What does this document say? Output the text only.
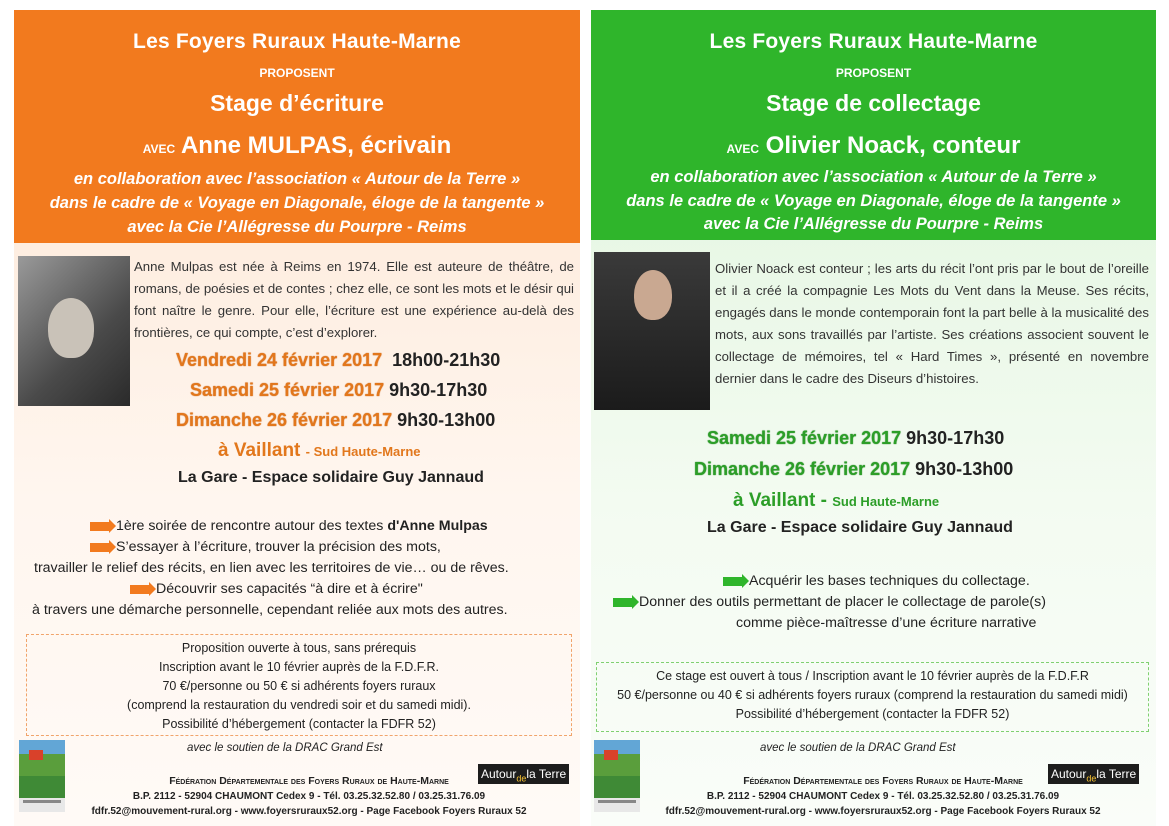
Les Foyers Ruraux Haute-Marne
PROPOSENT
Stage d’écriture
AVEC Anne MULPAS, écrivain
en collaboration avec l’association « Autour de la Terre »
dans le cadre de « Voyage en Diagonale, éloge de la tangente »
avec la Cie l’Allégresse du Pourpre - Reims
Anne Mulpas est née à Reims en 1974. Elle est auteure de théâtre, de romans, de poésies et de contes ; chez elle, ce sont les mots et le désir qui font naître le genre. Pour elle, l’écriture est une expérience au-delà des frontières, ce qui compte, c’est d’explorer.
Vendredi 24 février 2017 18h00-21h30
Samedi 25 février 2017 9h30-17h30
Dimanche 26 février 2017 9h30-13h00
à Vaillant - Sud Haute-Marne
La Gare - Espace solidaire Guy Jannaud
1ère soirée de rencontre autour des textes d'Anne Mulpas
S’essayer à l’écriture, trouver la précision des mots,
travailler le relief des récits, en lien avec les territoires de vie… ou de rêves.
Découvrir ses capacités “à dire et à écrire"
à travers une démarche personnelle, cependant reliée aux mots des autres.
Proposition ouverte à tous, sans prérequis
Inscription avant le 10 février auprès de la F.D.F.R.
70 €/personne ou 50 € si adhérents foyers ruraux
(comprend la restauration du vendredi soir et du samedi midi).
Possibilité d’hébergement (contacter la FDFR 52)
avec le soutien de la DRAC Grand Est
Autour$_{de}$la Terre
Fédération Départementale des Foyers Ruraux de Haute-Marne
B.P. 2112 - 52904 CHAUMONT Cedex 9 - Tél. 03.25.32.52.80 / 03.25.31.76.09
fdfr.52@mouvement-rural.org - www.foyersruraux52.org - Page Facebook Foyers Ruraux 52
Les Foyers Ruraux Haute-Marne
PROPOSENT
Stage de collectage
AVEC Olivier Noack, conteur
en collaboration avec l’association « Autour de la Terre »
dans le cadre de « Voyage en Diagonale, éloge de la tangente »
avec la Cie l’Allégresse du Pourpre - Reims
Olivier Noack est conteur ; les arts du récit l’ont pris par le bout de l’oreille et il a créé la compagnie Les Mots du Vent dans la Meuse. Ses récits, engagés dans le monde contemporain font la part belle à la musicalité des mots, aux sons travaillés par l’artiste. Ses créations associent souvent le collectage de mémoires, tel « Hard Times », présenté en novembre dernier dans le cadre des Diseurs d’histoires.
Samedi 25 février 2017 9h30-17h30
Dimanche 26 février 2017 9h30-13h00
à Vaillant - Sud Haute-Marne
La Gare - Espace solidaire Guy Jannaud
Acquérir les bases techniques du collectage.
Donner des outils permettant de placer le collectage de parole(s)
comme pièce-maîtresse d’une écriture narrative
Ce stage est ouvert à tous / Inscription avant le 10 février auprès de la F.D.F.R
50 €/personne ou 40 € si adhérents foyers ruraux (comprend la restauration du samedi midi)
Possibilité d’hébergement (contacter la FDFR 52)
avec le soutien de la DRAC Grand Est
Autour$_{de}$la Terre
Fédération Départementale des Foyers Ruraux de Haute-Marne
B.P. 2112 - 52904 CHAUMONT Cedex 9 - Tél. 03.25.32.52.80 / 03.25.31.76.09
fdfr.52@mouvement-rural.org - www.foyersruraux52.org - Page Facebook Foyers Ruraux 52
